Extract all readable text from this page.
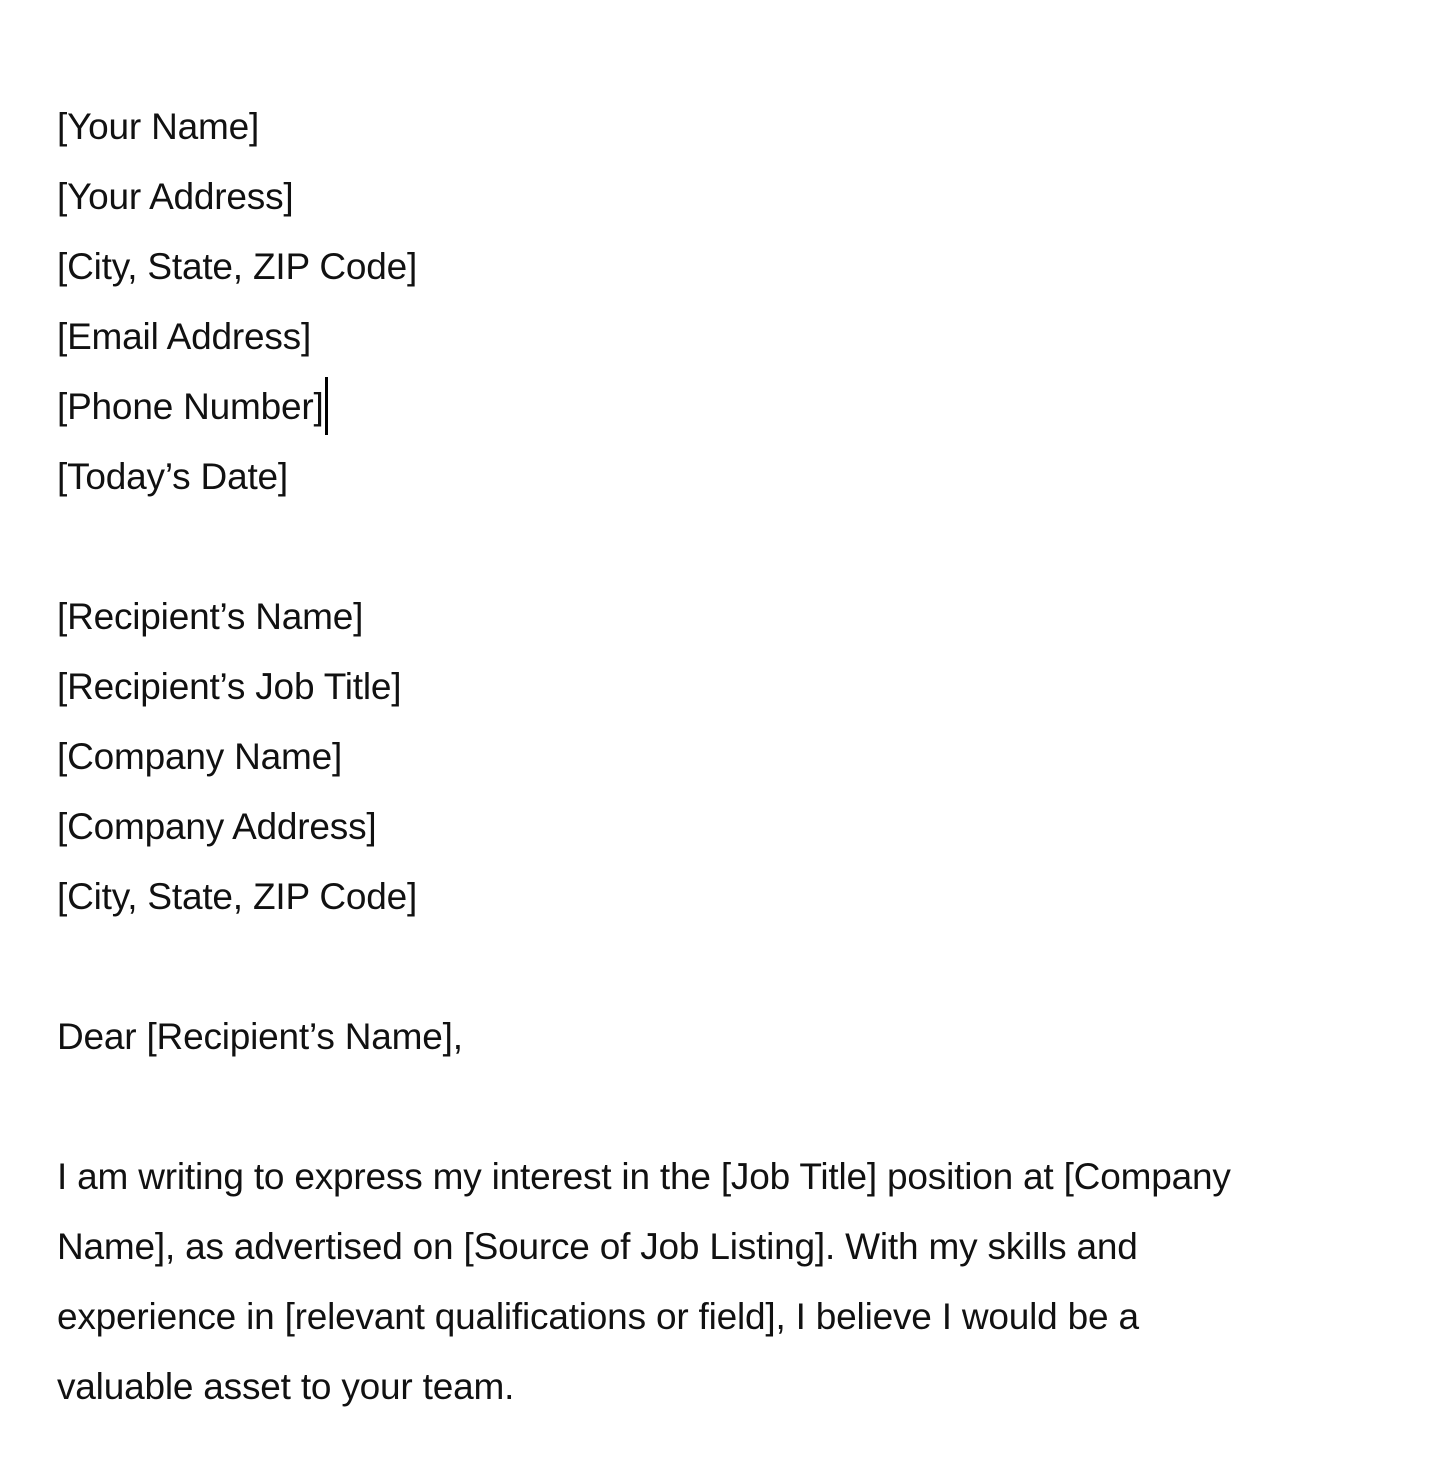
[Your Name]
[Your Address]
[City, State, ZIP Code]
[Email Address]
[Phone Number]
[Today’s Date]
[Recipient’s Name]
[Recipient’s Job Title]
[Company Name]
[Company Address]
[City, State, ZIP Code]
Dear [Recipient’s Name],
I am writing to express my interest in the [Job Title] position at [Company
Name], as advertised on [Source of Job Listing]. With my skills and
experience in [relevant qualifications or field], I believe I would be a
valuable asset to your team.
